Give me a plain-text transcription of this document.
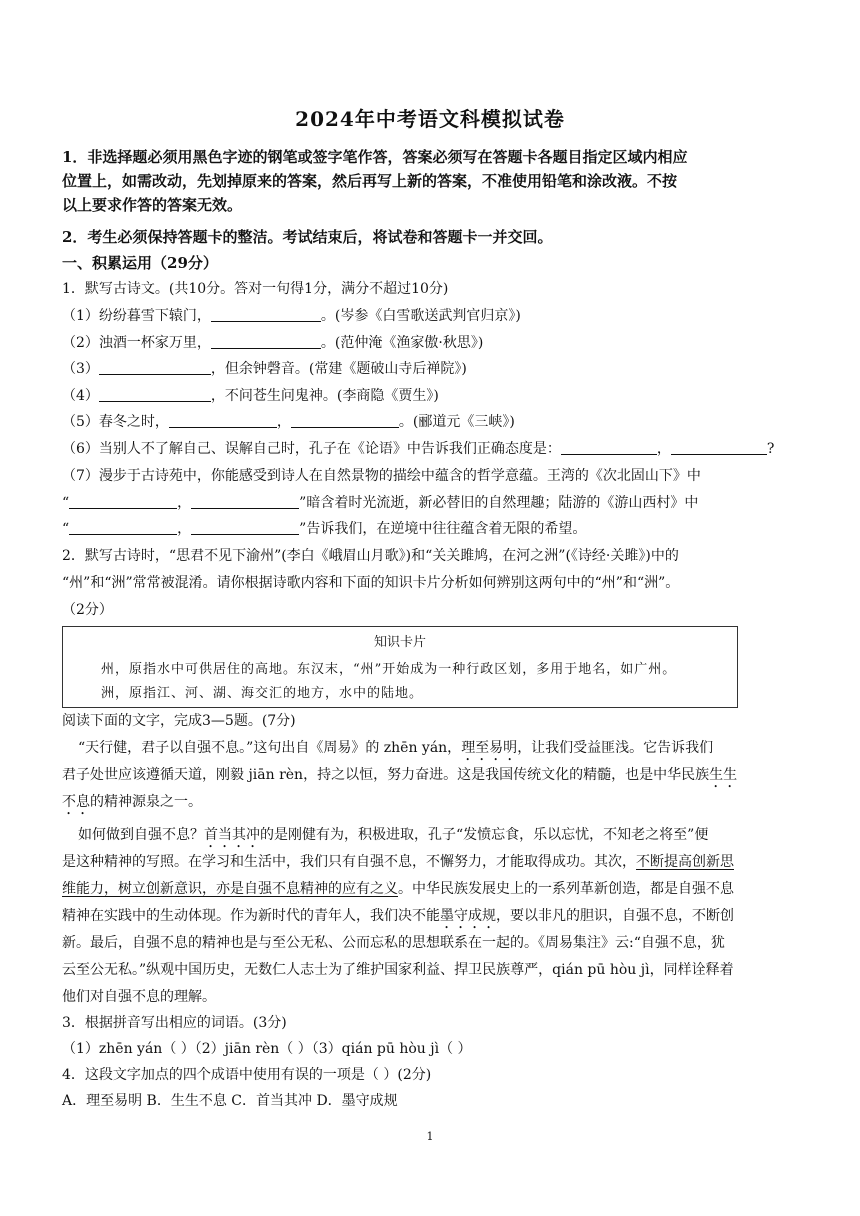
2024年中考语文科模拟试卷
1．非选择题必须用黑色字迹的钢笔或签字笔作答，答案必须写在答题卡各题目指定区域内相应
位置上，如需改动，先划掉原来的答案，然后再写上新的答案，不准使用铅笔和涂改液。不按
以上要求作答的答案无效。
2．考生必须保持答题卡的整洁。考试结束后，将试卷和答题卡一并交回。
一、积累运用（29分）
1．默写古诗文。(共10分。答对一句得1分，满分不超过10分)
（1）纷纷暮雪下辕门，	。(岑参《白雪歌送武判官归京》)
（2）浊酒一杯家万里，	。(范仲淹《渔家傲·秋思》)
（3）	，但余钟磬音。(常建《题破山寺后禅院》)
（4）	，不问苍生问鬼神。(李商隐《贾生》)
（5）春冬之时，	，	。(郦道元《三峡》)
（6）当别人不了解自己、误解自己时，孔子在《论语》中告诉我们正确态度是：	，	?
（7）漫步于古诗苑中，你能感受到诗人在自然景物的描绘中蕴含的哲学意蕴。王湾的《次北固山下》中
“	，	”暗含着时光流逝，新必替旧的自然理趣；陆游的《游山西村》中
“	，	”告诉我们，在逆境中往往蕴含着无限的希望。
2．默写古诗时，“思君不见下渝州”(李白《峨眉山月歌》)和“关关雎鸠，在河之洲”(《诗经·关雎》)中的
“州”和“洲”常常被混淆。请你根据诗歌内容和下面的知识卡片分析如何辨别这两句中的“州”和“洲”。
（2分）
知识卡片
州，原指水中可供居住的高地。东汉末，“州”开始成为一种行政区划，多用于地名，如广州。
洲，原指江、河、湖、海交汇的地方，水中的陆地。
阅读下面的文字，完成3—5题。(7分)
“天行健，君子以自强不息。”这句出自《周易》的 zhēn yán，理至易明，让我们受益匪浅。它告诉我们
君子处世应该遵循天道，刚毅 jiān rèn，持之以恒，努力奋进。这是我国传统文化的精髓，也是中华民族生生
不息的精神源泉之一。
如何做到自强不息？首当其冲的是刚健有为，积极进取，孔子“发愤忘食，乐以忘忧，不知老之将至”便
是这种精神的写照。在学习和生活中，我们只有自强不息，不懈努力，才能取得成功。其次，不断提高创新思
维能力，树立创新意识，亦是自强不息精神的应有之义。中华民族发展史上的一系列革新创造，都是自强不息
精神在实践中的生动体现。作为新时代的青年人，我们决不能墨守成规，要以非凡的胆识，自强不息，不断创
新。最后，自强不息的精神也是与至公无私、公而忘私的思想联系在一起的。《周易集注》云:“自强不息，犹
云至公无私。”纵观中国历史，无数仁人志士为了维护国家利益、捍卫民族尊严，qián pū hòu jì，同样诠释着
他们对自强不息的理解。
3．根据拼音写出相应的词语。(3分)
（1）zhēn yán（ ）（2）jiān rèn（ ）（3）qián pū hòu jì（ ）
4．这段文字加点的四个成语中使用有误的一项是（ ）(2分)
A．理至易明 B．生生不息 C．首当其冲 D．墨守成规
1
